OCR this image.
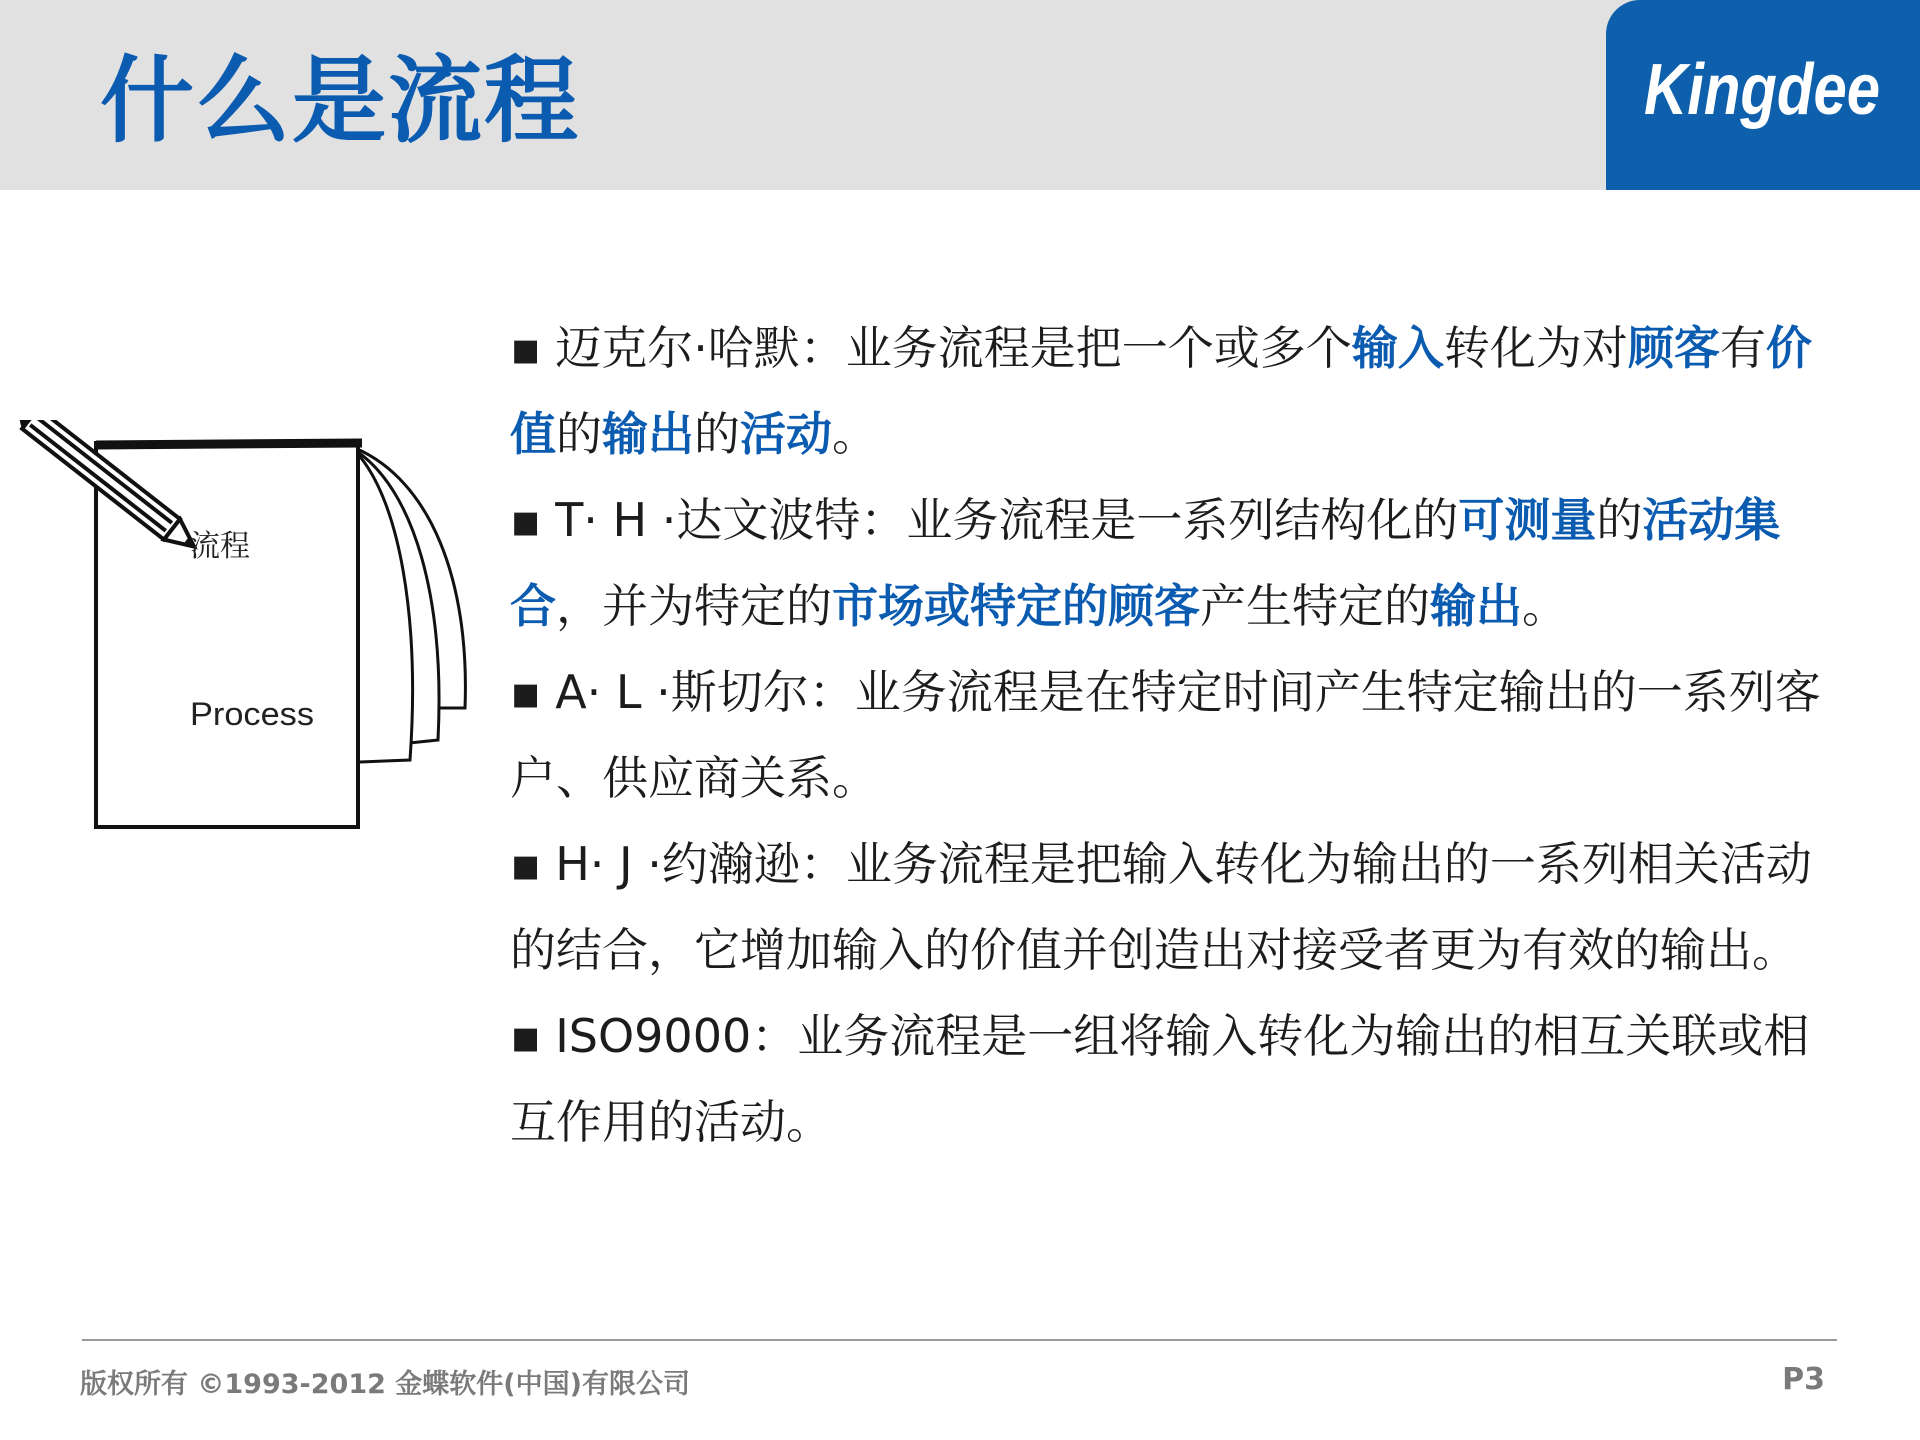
什么是流程	Kingdee
流程
Process

▪ 迈克尔·哈默：业务流程是把一个或多个输入转化为对顾客有价值的输出的活动。

▪ T· H ·达文波特：业务流程是一系列结构化的可测量的活动集合，并为特定的市场或特定的顾客产生特定的输出。

▪ A· L ·斯切尔：业务流程是在特定时间产生特定输出的一系列客户、供应商关系。

▪ H· J ·约瀚逊：业务流程是把输入转化为输出的一系列相关活动的结合，它增加输入的价值并创造出对接受者更为有效的输出。

▪ ISO9000：业务流程是一组将输入转化为输出的相互关联或相互作用的活动。

版权所有 ©1993-2012 金蝶软件(中国)有限公司	P3
